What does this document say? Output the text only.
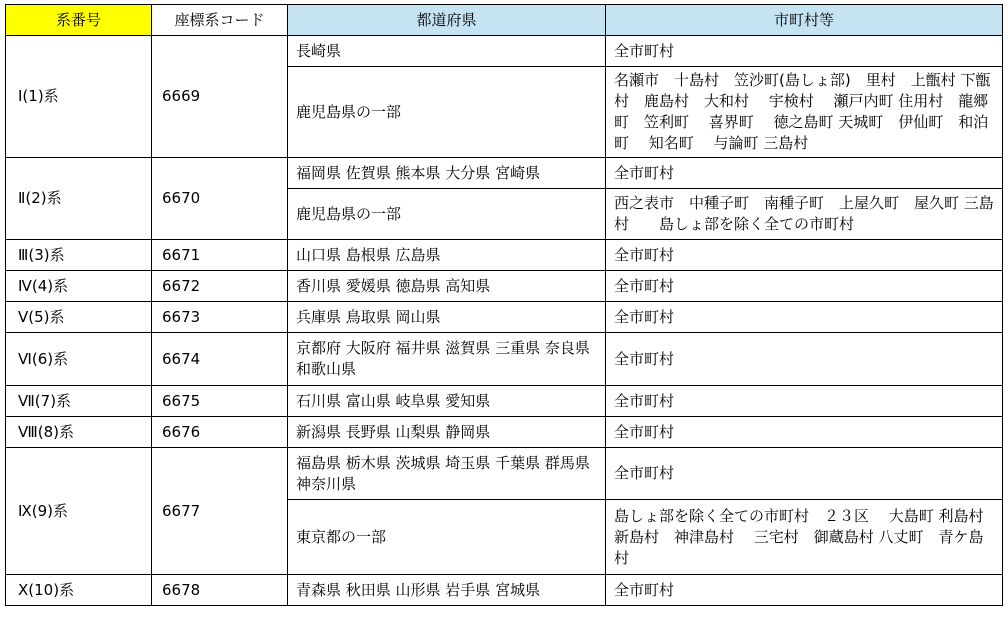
系番号	座標系コード	都道府県	市町村等
Ⅰ(1)系	6669	長崎県	全市町村
		鹿児島県の一部	名瀬市　十島村　笠沙町(島しょ部)　里村　上甑村 下甑村　鹿島村　大和村　 宇検村　 瀬戸内町 住用村　龍郷町　笠利町　 喜界町　 徳之島町 天城町　伊仙町　和泊町　 知名町　 与論町 三島村
Ⅱ(2)系	6670	福岡県 佐賀県 熊本県 大分県 宮崎県	全市町村
		鹿児島県の一部	西之表市　中種子町　南種子町　上屋久町　屋久町 三島村　　島しょ部を除く全ての市町村
Ⅲ(3)系	6671	山口県 島根県 広島県	全市町村
Ⅳ(4)系	6672	香川県 愛媛県 徳島県 高知県	全市町村
Ⅴ(5)系	6673	兵庫県 鳥取県 岡山県	全市町村
Ⅵ(6)系	6674	京都府 大阪府 福井県 滋賀県 三重県 奈良県 和歌山県	全市町村
Ⅶ(7)系	6675	石川県 富山県 岐阜県 愛知県	全市町村
Ⅷ(8)系	6676	新潟県 長野県 山梨県 静岡県	全市町村
Ⅸ(9)系	6677	福島県 栃木県 茨城県 埼玉県 千葉県 群馬県 神奈川県	全市町村
		東京都の一部	島しょ部を除く全ての市町村　２３区　 大島町 利島村　新島村　神津島村　 三宅村　御蔵島村 八丈町　青ケ島村
Ⅹ(10)系	6678	青森県 秋田県 山形県 岩手県 宮城県	全市町村
